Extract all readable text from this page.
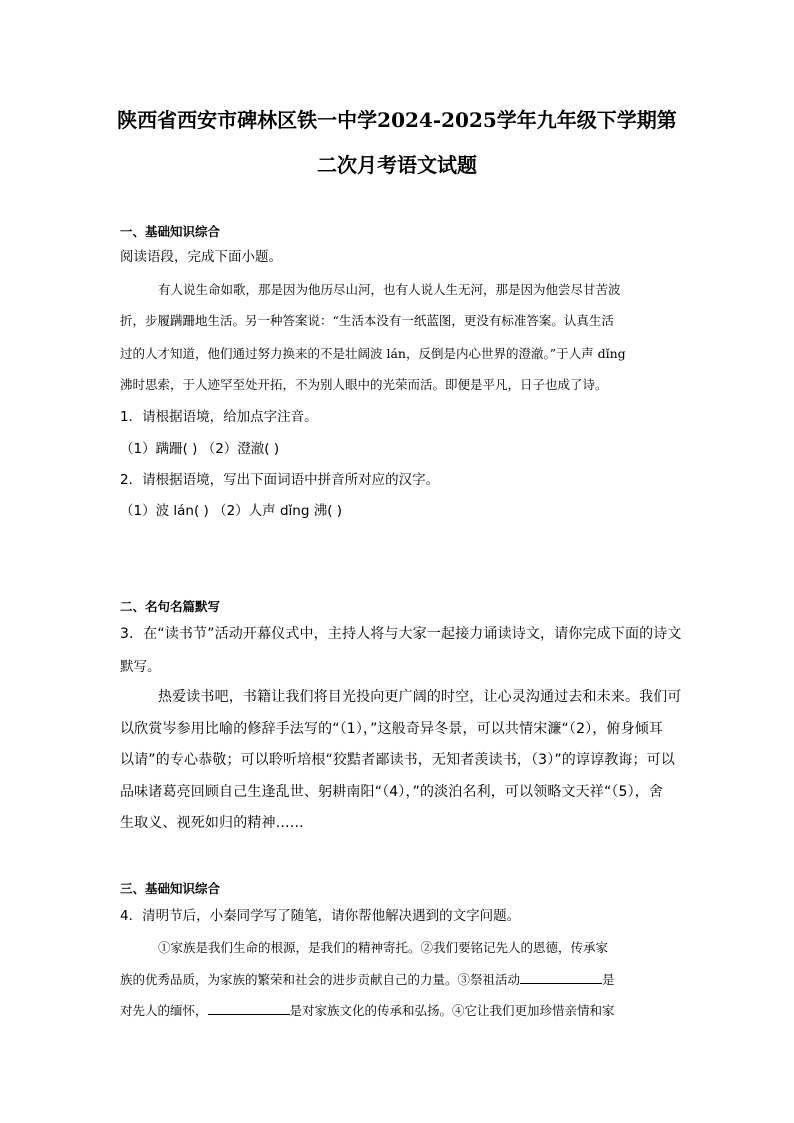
陕西省西安市碑林区铁一中学2024-2025学年九年级下学期第
二次月考语文试题
一、基础知识综合
阅读语段，完成下面小题。
有人说生命如歌，那是因为他历尽山河，也有人说人生无河，那是因为他尝尽甘苦波
折，步履蹒跚地生活。另一种答案说：“生活本没有一纸蓝图，更没有标准答案。认真生活
过的人才知道，他们通过努力换来的不是壮阔波 lán，反倒是内心世界的澄澈。”于人声 dǐng
沸时思索，于人迹罕至处开拓，不为别人眼中的光荣而活。即便是平凡，日子也成了诗。
1．请根据语境，给加点字注音。
（1）蹒跚( ) （2）澄澈( )
2．请根据语境，写出下面词语中拼音所对应的汉字。
（1）波 lán( ) （2）人声 dǐng 沸( )
二、名句名篇默写
3．在“读书节”活动开幕仪式中，主持人将与大家一起接力诵读诗文，请你完成下面的诗文
默写。
热爱读书吧，书籍让我们将目光投向更广阔的时空，让心灵沟通过去和未来。我们可
以欣赏岑参用比喻的修辞手法写的“（1），”这般奇异冬景，可以共情宋濂“（2），俯身倾耳
以请”的专心恭敬；可以聆听培根“狡黠者鄙读书，无知者羡读书，（3）”的谆谆教诲；可以
品味诸葛亮回顾自己生逢乱世、躬耕南阳“（4），”的淡泊名利，可以领略文天祥“（5），舍
生取义、视死如归的精神……
三、基础知识综合
4．清明节后，小秦同学写了随笔，请你帮他解决遇到的文字问题。
①家族是我们生命的根源，是我们的精神寄托。②我们要铭记先人的恩德，传承家
族的优秀品质，为家族的繁荣和社会的进步贡献自己的力量。③祭祖活动	是
对先人的缅怀，	是对家族文化的传承和弘扬。④它让我们更加珍惜亲情和家
